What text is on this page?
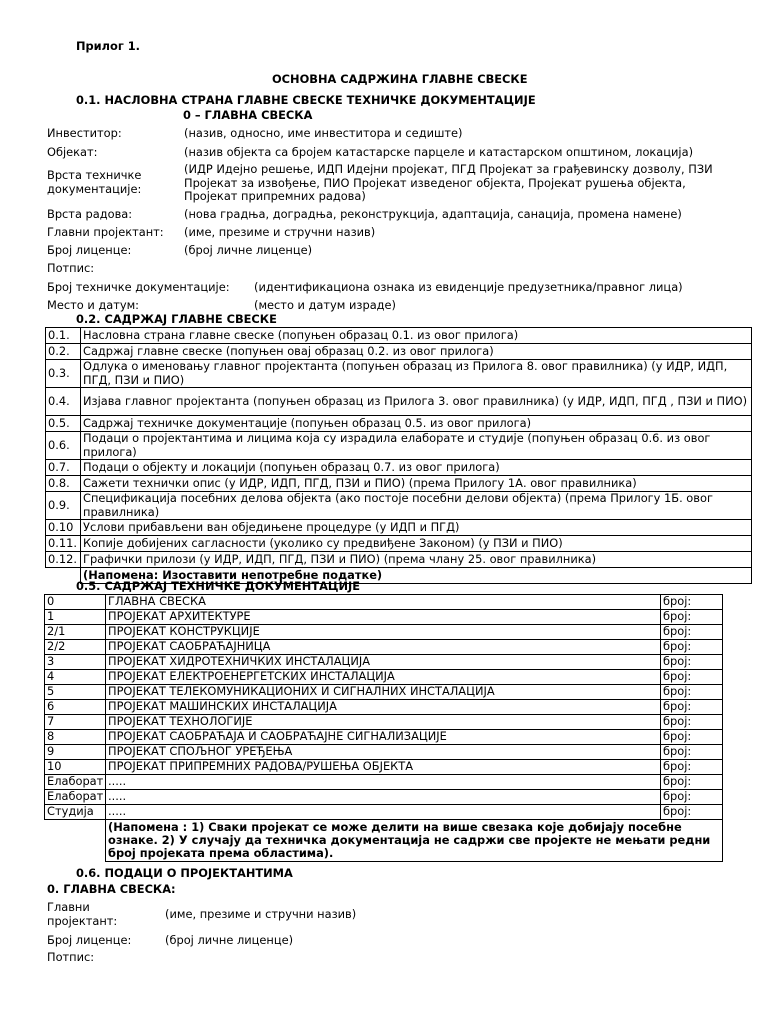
Прилог 1.
ОСНОВНА САДРЖИНА ГЛАВНЕ СВЕСКЕ
0.1. НАСЛОВНА СТРАНА ГЛАВНЕ СВЕСКЕ ТЕХНИЧКЕ ДОКУМЕНТАЦИЈЕ
0 – ГЛАВНА СВЕСКА
Инвеститор:	(назив, односно, име инвеститора и седиште)
Објекат:	(назив објекта са бројем катастарске парцеле и катастарском општином, локација)
Врста техничке документације:
(ИДР Идејно решење, ИДП Идејни пројекат, ПГД Пројекат за грађевинску дозволу, ПЗИ Пројекат за извођење, ПИО Пројекат изведеног објекта, Пројекат рушења објекта, Пројекат припремних радова)
Врста радова:	(нова градња, доградња, реконструкција, адаптација, санација, промена намене)
Главни пројектант: (име, презиме и стручни назив)
Број лиценце:	(број личне лиценце)
Потпис:
Број техничке документације: (идентификациона ознака из евиденције предузетника/правног лица)
Место и датум:	(место и датум израде)
0.2. САДРЖАЈ ГЛАВНЕ СВЕСКЕ
0.1.	Насловна страна главне свеске (попуњен образац 0.1. из овог прилога)
0.2.	Садржај главне свеске (попуњен овај образац 0.2. из овог прилога)
0.3.	Одлука о именовању главног пројектанта (попуњен образац из Прилога 8. овог правилника) (у ИДР, ИДП, ПГД, ПЗИ и ПИО)
0.4.	Изјава главног пројектанта (попуњен образац из Прилога 3. овог правилника) (у ИДР, ИДП, ПГД , ПЗИ и ПИО)
0.5.	Садржај техничке документације (попуњен образац 0.5. из овог прилога)
0.6.	Подаци о пројектантима и лицима која су израдила елаборате и студије (попуњен образац 0.6. из овог прилога)
0.7.	Подаци о објекту и локацији (попуњен образац 0.7. из овог прилога)
0.8.	Сажети технички опис (у ИДР, ИДП, ПГД, ПЗИ и ПИО) (према Прилогу 1А. овог правилника)
0.9.	Спецификација посебних делова објекта (ако постоје посебни делови објекта) (према Прилогу 1Б. овог правилника)
0.10	Услови прибављени ван обједињене процедуре (у ИДП и ПГД)
0.11.	Копије добијених сагласности (уколико су предвиђене Законом) (у ПЗИ и ПИО)
0.12.	Графички прилози (у ИДР, ИДП, ПГД, ПЗИ и ПИО) (према члану 25. овог правилника)
	(Напомена: Изоставити непотребне податке)
0.5. САДРЖАЈ ТЕХНИЧКЕ ДОКУМЕНТАЦИЈЕ
0	ГЛАВНА СВЕСКА	број:
1	ПРОЈЕКАТ АРХИТЕКТУРЕ	број:
2/1	ПРОЈЕКАТ КОНСТРУКЦИЈЕ	број:
2/2	ПРОЈЕКАТ САОБРАЋАЈНИЦА	број:
3	ПРОЈЕКАТ ХИДРОТЕХНИЧКИХ ИНСТАЛАЦИЈА	број:
4	ПРОЈЕКАТ ЕЛЕКТРОЕНЕРГЕТСКИХ ИНСТАЛАЦИЈА	број:
5	ПРОЈЕКАТ ТЕЛЕКОМУНИКАЦИОНИХ И СИГНАЛНИХ ИНСТАЛАЦИЈА	број:
6	ПРОЈЕКАТ МАШИНСКИХ ИНСТАЛАЦИЈА	број:
7	ПРОЈЕКАТ ТЕХНОЛОГИЈЕ	број:
8	ПРОЈЕКАТ САОБРАЋАЈА И САОБРАЋАЈНЕ СИГНАЛИЗАЦИЈЕ	број:
9	ПРОЈЕКАТ СПОЉНОГ УРЕЂЕЊА	број:
10	ПРОЈЕКАТ ПРИПРЕМНИХ РАДОВА/РУШЕЊА ОБЈЕКТА	број:
Елаборат	.....	број:
Елаборат	.....	број:
Студија	.....	број:
	(Напомена : 1) Сваки пројекат се може делити на више свезака које добијају посебне ознаке. 2) У случају да техничка документација не садржи све пројекте не мењати редни број пројеката према областима).	
0.6. ПОДАЦИ О ПРОЈЕКТАНТИМА
0. ГЛАВНА СВЕСКА:
Главни пројектант:	(име, презиме и стручни назив)
Број лиценце:	(број личне лиценце)
Потпис:
